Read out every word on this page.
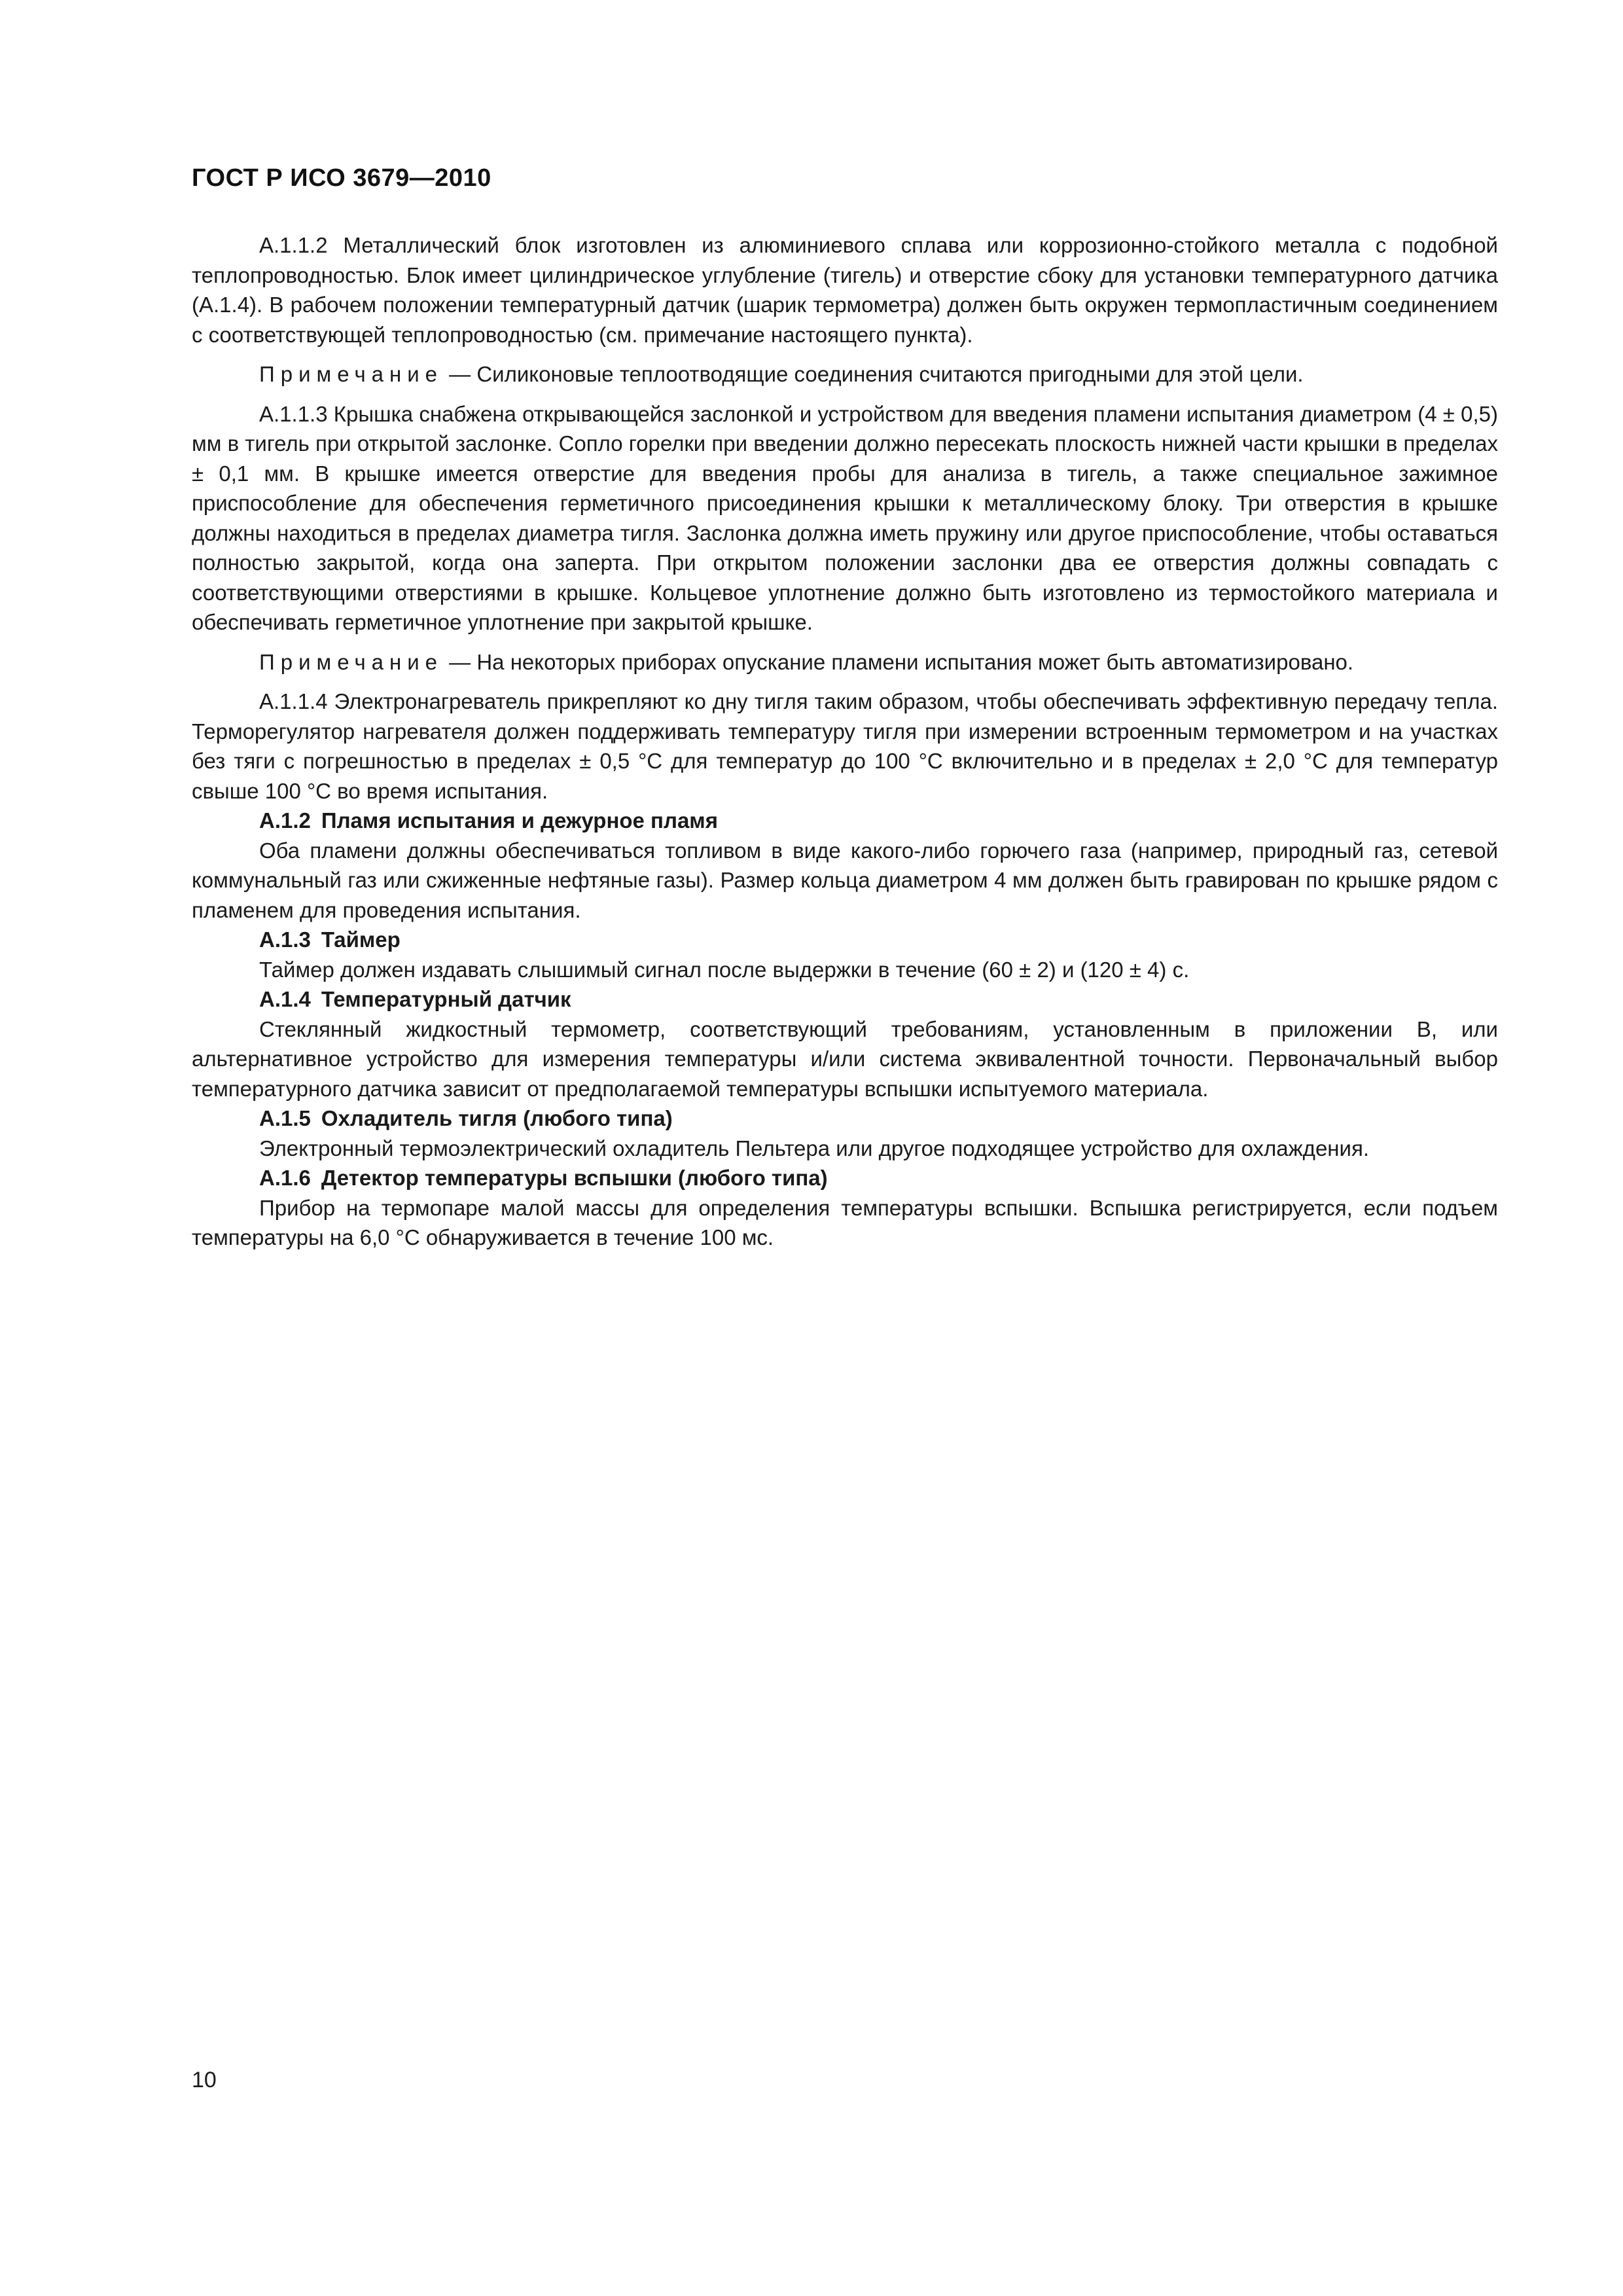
ГОСТ Р ИСО 3679—2010

А.1.1.2 Металлический блок изготовлен из алюминиевого сплава или коррозионно-стойкого металла с подобной теплопроводностью. Блок имеет цилиндрическое углубление (тигель) и отверстие сбоку для установки температурного датчика (А.1.4). В рабочем положении температурный датчик (шарик термометра) должен быть окружен термопластичным соединением с соответствующей теплопроводностью (см. примечание настоящего пункта).

Примечание — Силиконовые теплоотводящие соединения считаются пригодными для этой цели.

А.1.1.3 Крышка снабжена открывающейся заслонкой и устройством для введения пламени испытания диаметром (4 ± 0,5) мм в тигель при открытой заслонке. Сопло горелки при введении должно пересекать плоскость нижней части крышки в пределах ± 0,1 мм. В крышке имеется отверстие для введения пробы для анализа в тигель, а также специальное зажимное приспособление для обеспечения герметичного присоединения крышки к металлическому блоку. Три отверстия в крышке должны находиться в пределах диаметра тигля. Заслонка должна иметь пружину или другое приспособление, чтобы оставаться полностью закрытой, когда она заперта. При открытом положении заслонки два ее отверстия должны совпадать с соответствующими отверстиями в крышке. Кольцевое уплотнение должно быть изготовлено из термостойкого материала и обеспечивать герметичное уплотнение при закрытой крышке.

Примечание — На некоторых приборах опускание пламени испытания может быть автоматизировано.

А.1.1.4 Электронагреватель прикрепляют ко дну тигля таким образом, чтобы обеспечивать эффективную передачу тепла. Терморегулятор нагревателя должен поддерживать температуру тигля при измерении встроенным термометром и на участках без тяги с погрешностью в пределах ± 0,5 °С для температур до 100 °С включительно и в пределах ± 2,0 °С для температур свыше 100 °С во время испытания.

А.1.2 Пламя испытания и дежурное пламя

Оба пламени должны обеспечиваться топливом в виде какого-либо горючего газа (например, природный газ, сетевой коммунальный газ или сжиженные нефтяные газы). Размер кольца диаметром 4 мм должен быть гравирован по крышке рядом с пламенем для проведения испытания.

А.1.3 Таймер

Таймер должен издавать слышимый сигнал после выдержки в течение (60 ± 2) и (120 ± 4) с.

А.1.4 Температурный датчик

Стеклянный жидкостный термометр, соответствующий требованиям, установленным в приложении В, или альтернативное устройство для измерения температуры и/или система эквивалентной точности. Первоначальный выбор температурного датчика зависит от предполагаемой температуры вспышки испытуемого материала.

А.1.5 Охладитель тигля (любого типа)

Электронный термоэлектрический охладитель Пельтера или другое подходящее устройство для охлаждения.

А.1.6 Детектор температуры вспышки (любого типа)

Прибор на термопаре малой массы для определения температуры вспышки. Вспышка регистрируется, если подъем температуры на 6,0 °С обнаруживается в течение 100 мс.

10
